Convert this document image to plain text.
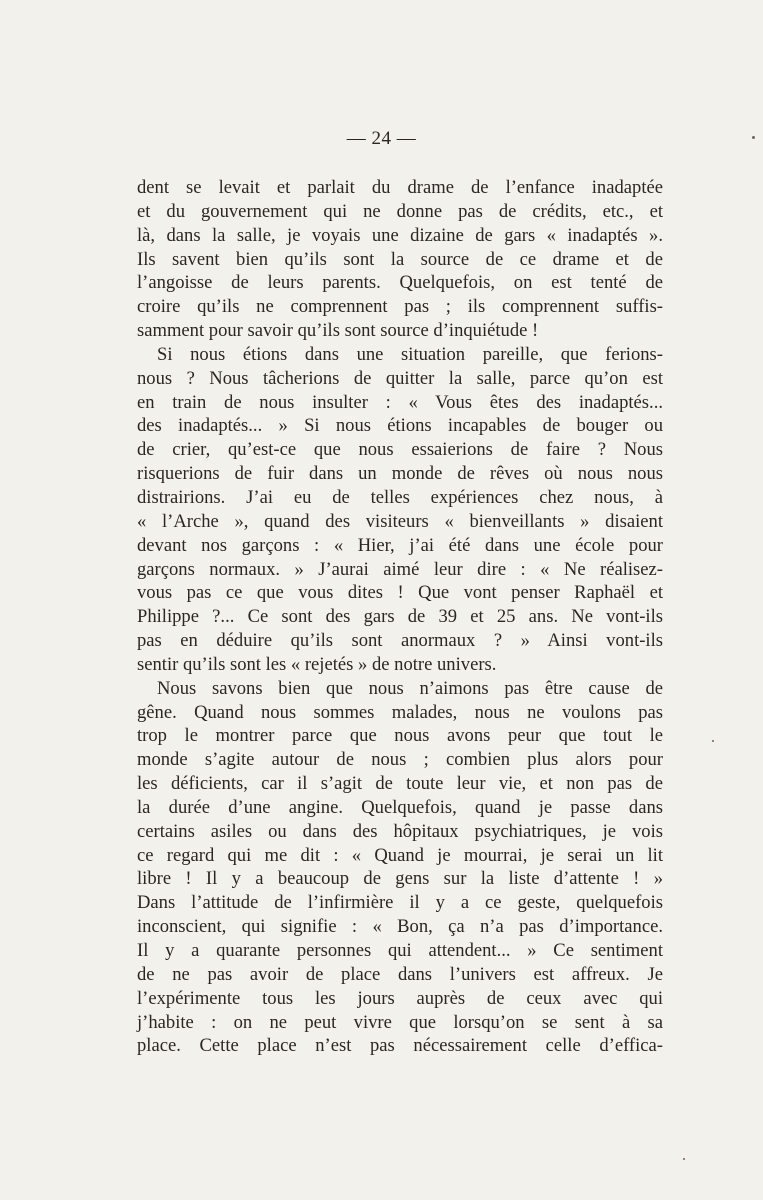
— 24 —
dent se levait et parlait du drame de l’enfance inadaptée
et du gouvernement qui ne donne pas de crédits, etc., et
là, dans la salle, je voyais une dizaine de gars « inadaptés ».
Ils savent bien qu’ils sont la source de ce drame et de
l’angoisse de leurs parents. Quelquefois, on est tenté de
croire qu’ils ne comprennent pas ; ils comprennent suffis-
samment pour savoir qu’ils sont source d’inquiétude !
Si nous étions dans une situation pareille, que ferions-
nous ? Nous tâcherions de quitter la salle, parce qu’on est
en train de nous insulter : « Vous êtes des inadaptés...
des inadaptés... » Si nous étions incapables de bouger ou
de crier, qu’est-ce que nous essaierions de faire ? Nous
risquerions de fuir dans un monde de rêves où nous nous
distrairions. J’ai eu de telles expériences chez nous, à
« l’Arche », quand des visiteurs « bienveillants » disaient
devant nos garçons : « Hier, j’ai été dans une école pour
garçons normaux. » J’aurai aimé leur dire : « Ne réalisez-
vous pas ce que vous dites ! Que vont penser Raphaël et
Philippe ?... Ce sont des gars de 39 et 25 ans. Ne vont-ils
pas en déduire qu’ils sont anormaux ? » Ainsi vont-ils
sentir qu’ils sont les « rejetés » de notre univers.
Nous savons bien que nous n’aimons pas être cause de
gêne. Quand nous sommes malades, nous ne voulons pas
trop le montrer parce que nous avons peur que tout le
monde s’agite autour de nous ; combien plus alors pour
les déficients, car il s’agit de toute leur vie, et non pas de
la durée d’une angine. Quelquefois, quand je passe dans
certains asiles ou dans des hôpitaux psychiatriques, je vois
ce regard qui me dit : « Quand je mourrai, je serai un lit
libre ! Il y a beaucoup de gens sur la liste d’attente ! »
Dans l’attitude de l’infirmière il y a ce geste, quelquefois
inconscient, qui signifie : « Bon, ça n’a pas d’importance.
Il y a quarante personnes qui attendent... » Ce sentiment
de ne pas avoir de place dans l’univers est affreux. Je
l’expérimente tous les jours auprès de ceux avec qui
j’habite : on ne peut vivre que lorsqu’on se sent à sa
place. Cette place n’est pas nécessairement celle d’effica-
